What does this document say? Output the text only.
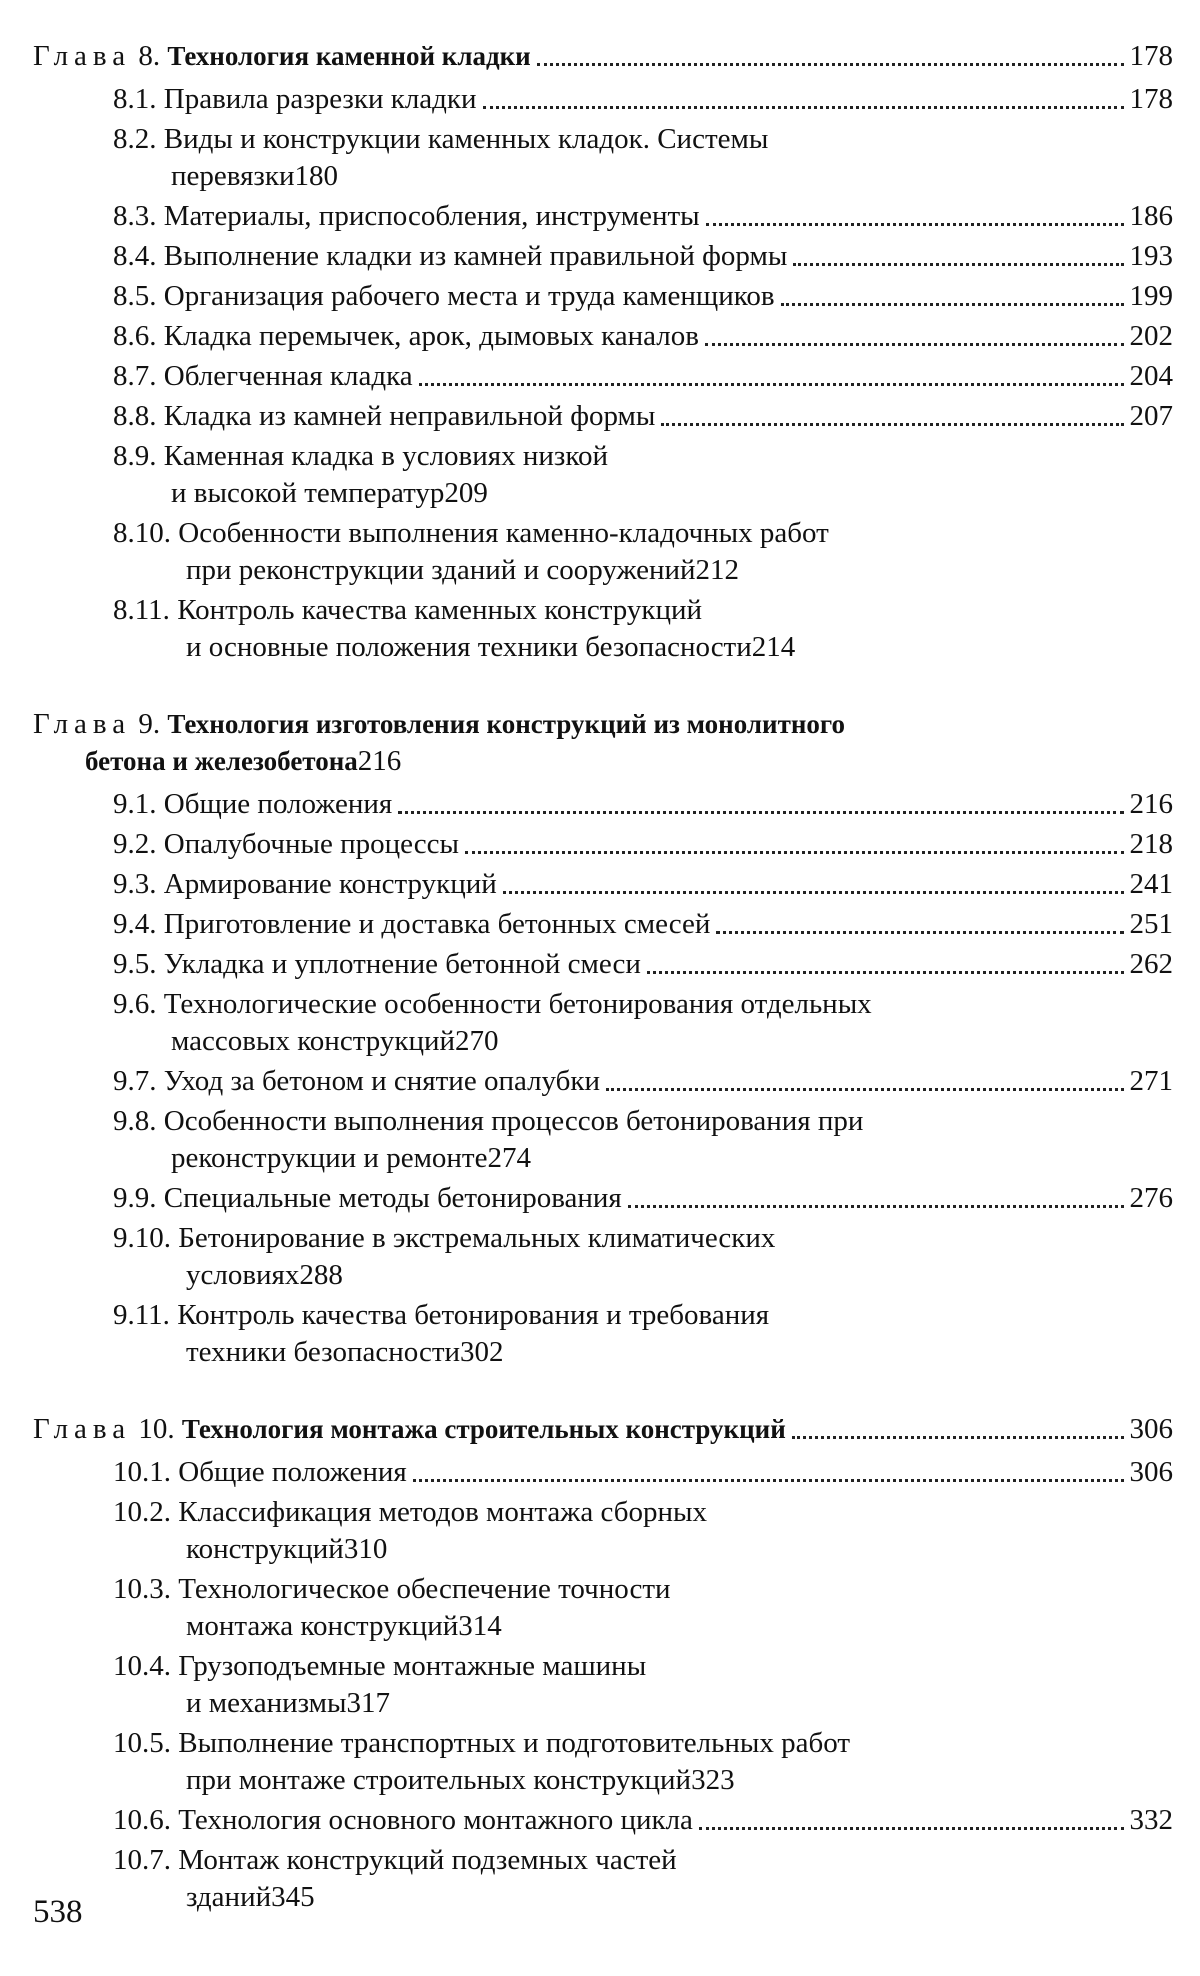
Глава 8. Технология каменной кладки	178
8.1. Правила разрезки кладки	178
8.2. Виды и конструкции каменных кладок. Системы
перевязки 180
8.3. Материалы, приспособления, инструменты	186
8.4. Выполнение кладки из камней правильной формы	193
8.5. Организация рабочего места и труда каменщиков	199
8.6. Кладка перемычек, арок, дымовых каналов	202
8.7. Облегченная кладка	204
8.8. Кладка из камней неправильной формы	207
8.9. Каменная кладка в условиях низкой
и высокой температур 209
8.10. Особенности выполнения каменно-кладочных работ
при реконструкции зданий и сооружений 212
8.11. Контроль качества каменных конструкций
и основные положения техники безопасности 214
Глава 9. Технология изготовления конструкций из монолитного
бетона и железобетона 216
9.1. Общие положения	216
9.2. Опалубочные процессы	218
9.3. Армирование конструкций	241
9.4. Приготовление и доставка бетонных смесей	251
9.5. Укладка и уплотнение бетонной смеси	262
9.6. Технологические особенности бетонирования отдельных
массовых конструкций 270
9.7. Уход за бетоном и снятие опалубки	271
9.8. Особенности выполнения процессов бетонирования при
реконструкции и ремонте 274
9.9. Специальные методы бетонирования	276
9.10. Бетонирование в экстремальных климатических
условиях 288
9.11. Контроль качества бетонирования и требования
техники безопасности 302
Глава 10. Технология монтажа строительных конструкций	306
10.1. Общие положения	306
10.2. Классификация методов монтажа сборных
конструкций 310
10.3. Технологическое обеспечение точности
монтажа конструкций 314
10.4. Грузоподъемные монтажные машины
и механизмы 317
10.5. Выполнение транспортных и подготовительных работ
при монтаже строительных конструкций 323
10.6. Технология основного монтажного цикла	332
10.7. Монтаж конструкций подземных частей
зданий 345
538
